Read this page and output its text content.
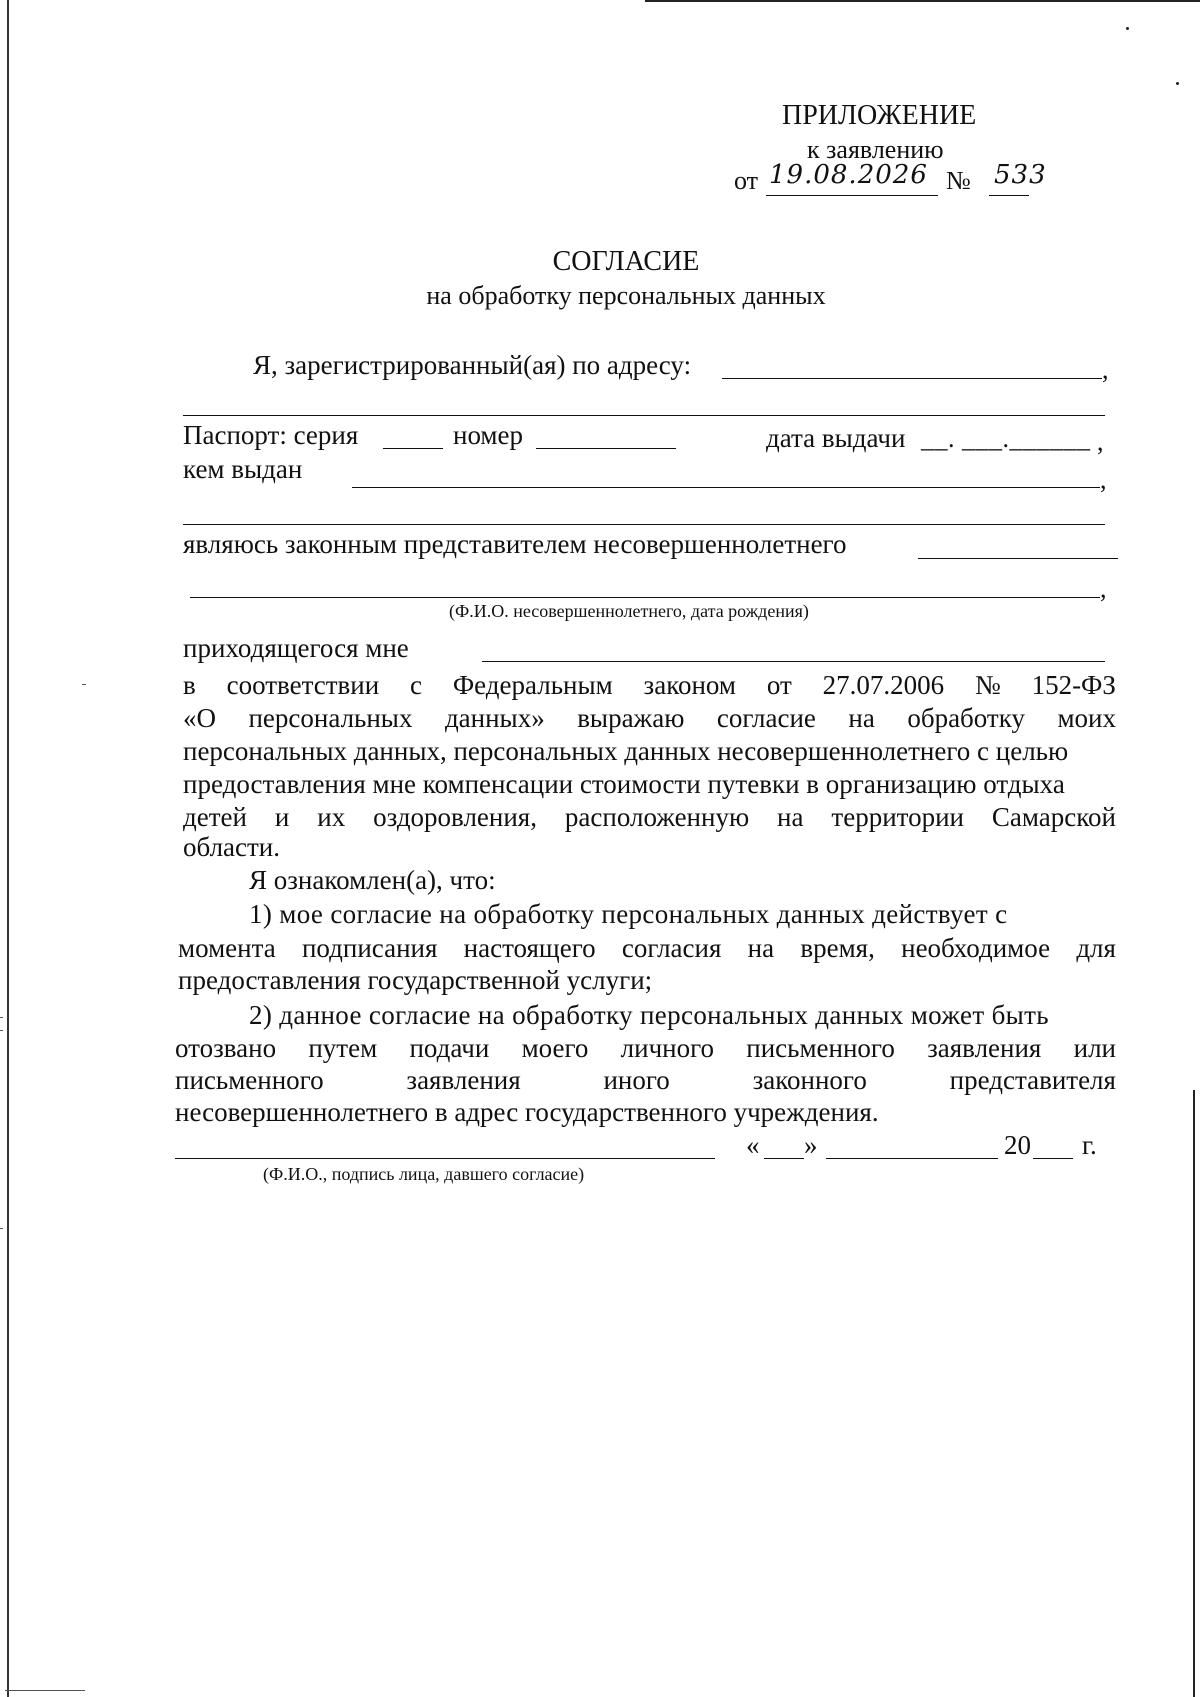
ПРИЛОЖЕНИЕ
к заявлению
от 19.08.2026 № 533
СОГЛАСИЕ
на обработку персональных данных
Я, зарегистрированный(ая) по адресу:	,
Паспорт: серия	номер	дата выдачи __. ___.______ ,
кем выдан	,
являюсь законным представителем несовершеннолетнего
,
(Ф.И.О. несовершеннолетнего, дата рождения)
приходящегося мне
в соответствии с Федеральным законом от 27.07.2006 № 152-ФЗ
«О персональных данных» выражаю согласие на обработку моих
персональных данных, персональных данных несовершеннолетнего с целью
предоставления мне компенсации стоимости путевки в организацию отдыха
детей и их оздоровления, расположенную на территории Самарской
области.
Я ознакомлен(а), что:
1) мое согласие на обработку персональных данных действует с
момента подписания настоящего согласия на время, необходимое для
предоставления государственной услуги;
2) данное согласие на обработку персональных данных может быть
отозвано путем подачи моего личного письменного заявления или
письменного	заявления	иного	законного	представителя
несовершеннолетнего в адрес государственного учреждения.
« »	20 г.
(Ф.И.О., подпись лица, давшего согласие)
